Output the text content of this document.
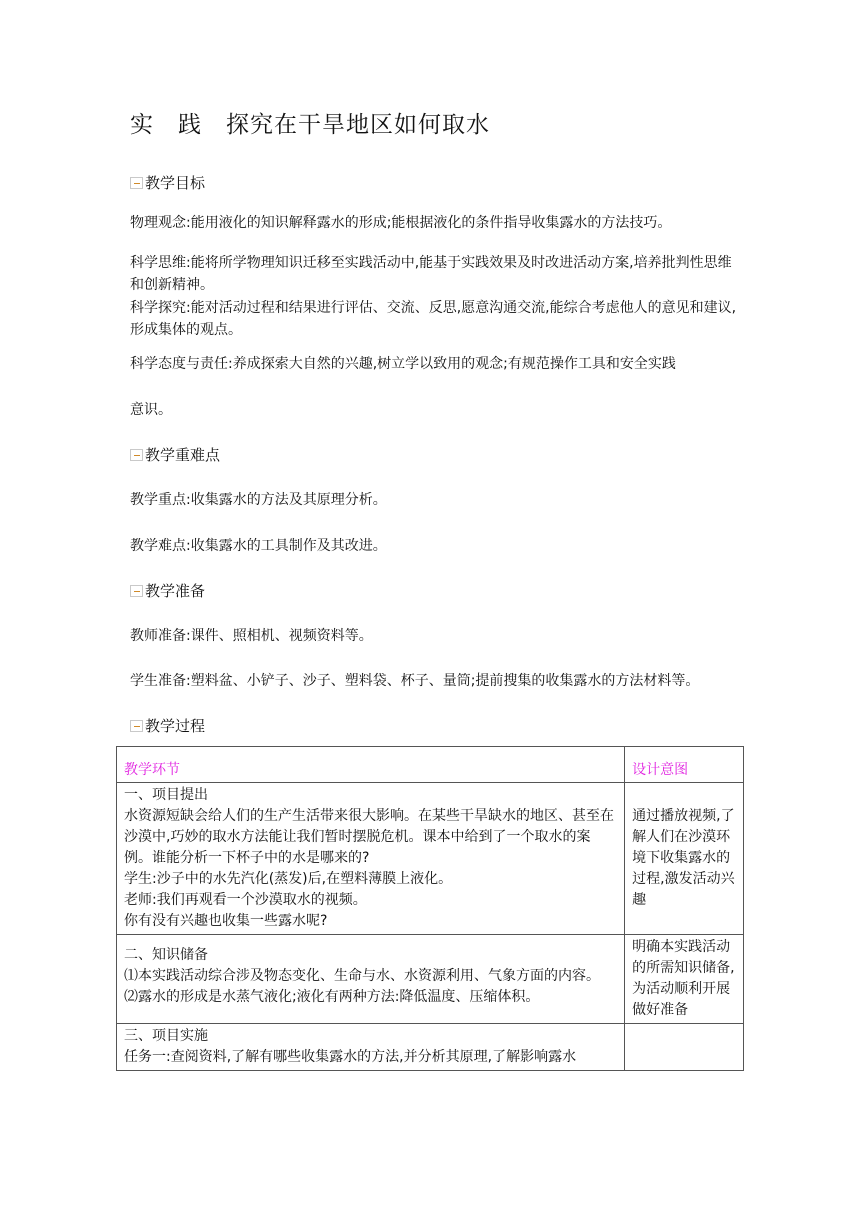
实　践　探究在干旱地区如何取水
教学目标
物理观念:能用液化的知识解释露水的形成;能根据液化的条件指导收集露水的方法技巧。
科学思维:能将所学物理知识迁移至实践活动中,能基于实践效果及时改进活动方案,培养批判性思维和创新精神。
科学探究:能对活动过程和结果进行评估、交流、反思,愿意沟通交流,能综合考虑他人的意见和建议,形成集体的观点。
科学态度与责任:养成探索大自然的兴趣,树立学以致用的观念;有规范操作工具和安全实践
意识。
教学重难点
教学重点:收集露水的方法及其原理分析。
教学难点:收集露水的工具制作及其改进。
教学准备
教师准备:课件、照相机、视频资料等。
学生准备:塑料盆、小铲子、沙子、塑料袋、杯子、量筒;提前搜集的收集露水的方法材料等。
教学过程
教学环节	设计意图

一、项目提出
水资源短缺会给人们的生产生活带来很大影响。在某些干旱缺水的地区、甚至在沙漠中,巧妙的取水方法能让我们暂时摆脱危机。课本中给到了一个取水的案例。谁能分析一下杯子中的水是哪来的?
学生:沙子中的水先汽化(蒸发)后,在塑料薄膜上液化。
老师:我们再观看一个沙漠取水的视频。
你有没有兴趣也收集一些露水呢?	通过播放视频,了解人们在沙漠环境下收集露水的过程,激发活动兴趣

二、知识储备
⑴本实践活动综合涉及物态变化、生命与水、水资源利用、气象方面的内容。
⑵露水的形成是水蒸气液化;液化有两种方法:降低温度、压缩体积。	明确本实践活动的所需知识储备,为活动顺利开展做好准备

三、项目实施
任务一:查阅资料,了解有哪些收集露水的方法,并分析其原理,了解影响露水	
